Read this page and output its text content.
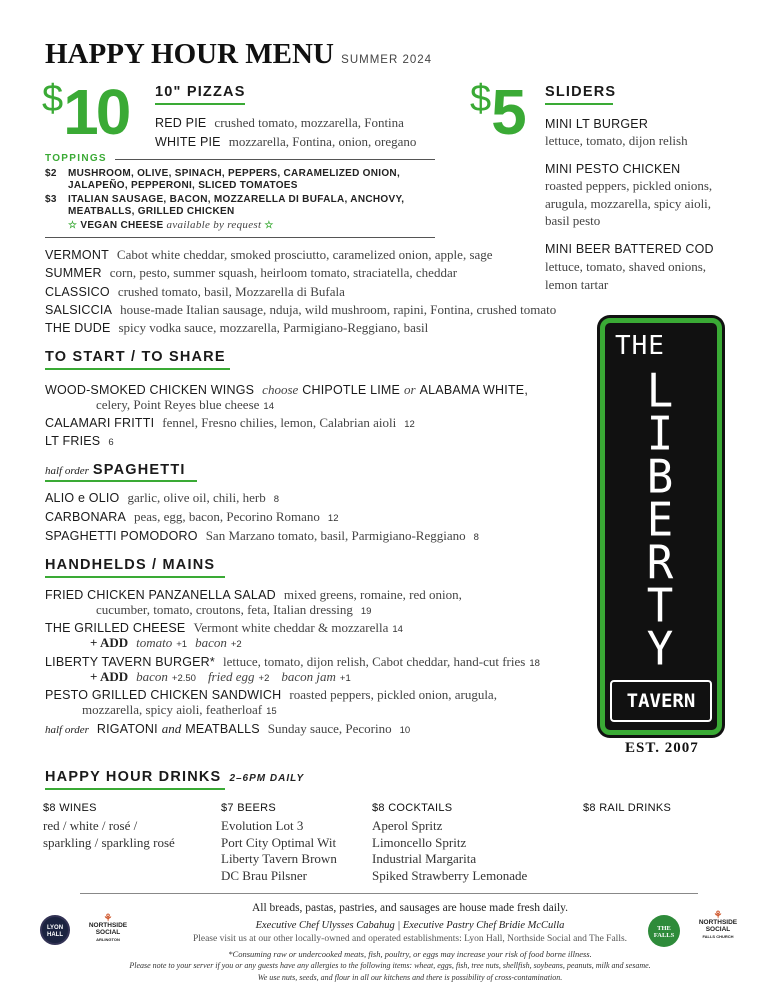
HAPPY HOUR MENU SUMMER 2024
$10 10" PIZZAS
RED PIE crushed tomato, mozzarella, Fontina
WHITE PIE mozzarella, Fontina, onion, oregano
TOPPINGS
$2 MUSHROOM, OLIVE, SPINACH, PEPPERS, CARAMELIZED ONION,
JALAPEÑO, PEPPERONI, SLICED TOMATOES
$3 ITALIAN SAUSAGE, BACON, MOZZARELLA DI BUFALA, ANCHOVY,
MEATBALLS, GRILLED CHICKEN
☆ VEGAN CHEESE available by request ☆
VERMONT Cabot white cheddar, smoked prosciutto, caramelized onion, apple, sage
SUMMER corn, pesto, summer squash, heirloom tomato, straciatella, cheddar
CLASSICO crushed tomato, basil, Mozzarella di Bufala
SALSICCIA house-made Italian sausage, nduja, wild mushroom, rapini, Fontina, crushed tomato
THE DUDE spicy vodka sauce, mozzarella, Parmigiano-Reggiano, basil
$5 SLIDERS
MINI LT BURGER
lettuce, tomato, dijon relish
MINI PESTO CHICKEN
roasted peppers, pickled onions,
arugula, mozzarella, spicy aioli,
basil pesto
MINI BEER BATTERED COD
lettuce, tomato, shaved onions,
lemon tartar
THE
L
I
B
E
R
T
Y
TAVERN
EST. 2007
TO START / TO SHARE
WOOD-SMOKED CHICKEN WINGS choose CHIPOTLE LIME or ALABAMA WHITE,
celery, Point Reyes blue cheese 14
CALAMARI FRITTI fennel, Fresno chilies, lemon, Calabrian aioli 12
LT FRIES 6
half order SPAGHETTI
ALIO e OLIO garlic, olive oil, chili, herb 8
CARBONARA peas, egg, bacon, Pecorino Romano 12
SPAGHETTI POMODORO San Marzano tomato, basil, Parmigiano-Reggiano 8
HANDHELDS / MAINS
FRIED CHICKEN PANZANELLA SALAD mixed greens, romaine, red onion,
cucumber, tomato, croutons, feta, Italian dressing 19
THE GRILLED CHEESE Vermont white cheddar & mozzarella 14
+ ADD tomato +1 bacon +2
LIBERTY TAVERN BURGER* lettuce, tomato, dijon relish, Cabot cheddar, hand-cut fries 18
+ ADD bacon +2.50 fried egg +2 bacon jam +1
PESTO GRILLED CHICKEN SANDWICH roasted peppers, pickled onion, arugula,
mozzarella, spicy aioli, featherloaf 15
half order RIGATONI and MEATBALLS Sunday sauce, Pecorino 10
HAPPY HOUR DRINKS 2–6PM DAILY
$8 WINES
red / white / rosé /
sparkling / sparkling rosé
$7 BEERS
Evolution Lot 3
Port City Optimal Wit
Liberty Tavern Brown
DC Brau Pilsner
$8 COCKTAILS
Aperol Spritz
Limoncello Spritz
Industrial Margarita
Spiked Strawberry Lemonade
$8 RAIL DRINKS
All breads, pastas, pastries, and sausages are house made fresh daily.
Executive Chef Ulysses Cabahug | Executive Pastry Chef Bridie McCulla
Please visit us at our other locally-owned and operated establishments: Lyon Hall, Northside Social and The Falls.
*Consuming raw or undercooked meats, fish, poultry, or eggs may increase your risk of food borne illness.
Please note to your server if you or any guests have any allergies to the following items: wheat, eggs, fish, tree nuts, shellfish, soybeans, peanuts, milk and sesame.
We use nuts, seeds, and flour in all our kitchens and there is possibility of cross-contamination.
LYON HALL
⚘
NORTHSIDE SOCIAL
ARLINGTON
THE FALLS
⚘
NORTHSIDE SOCIAL
FALLS CHURCH
